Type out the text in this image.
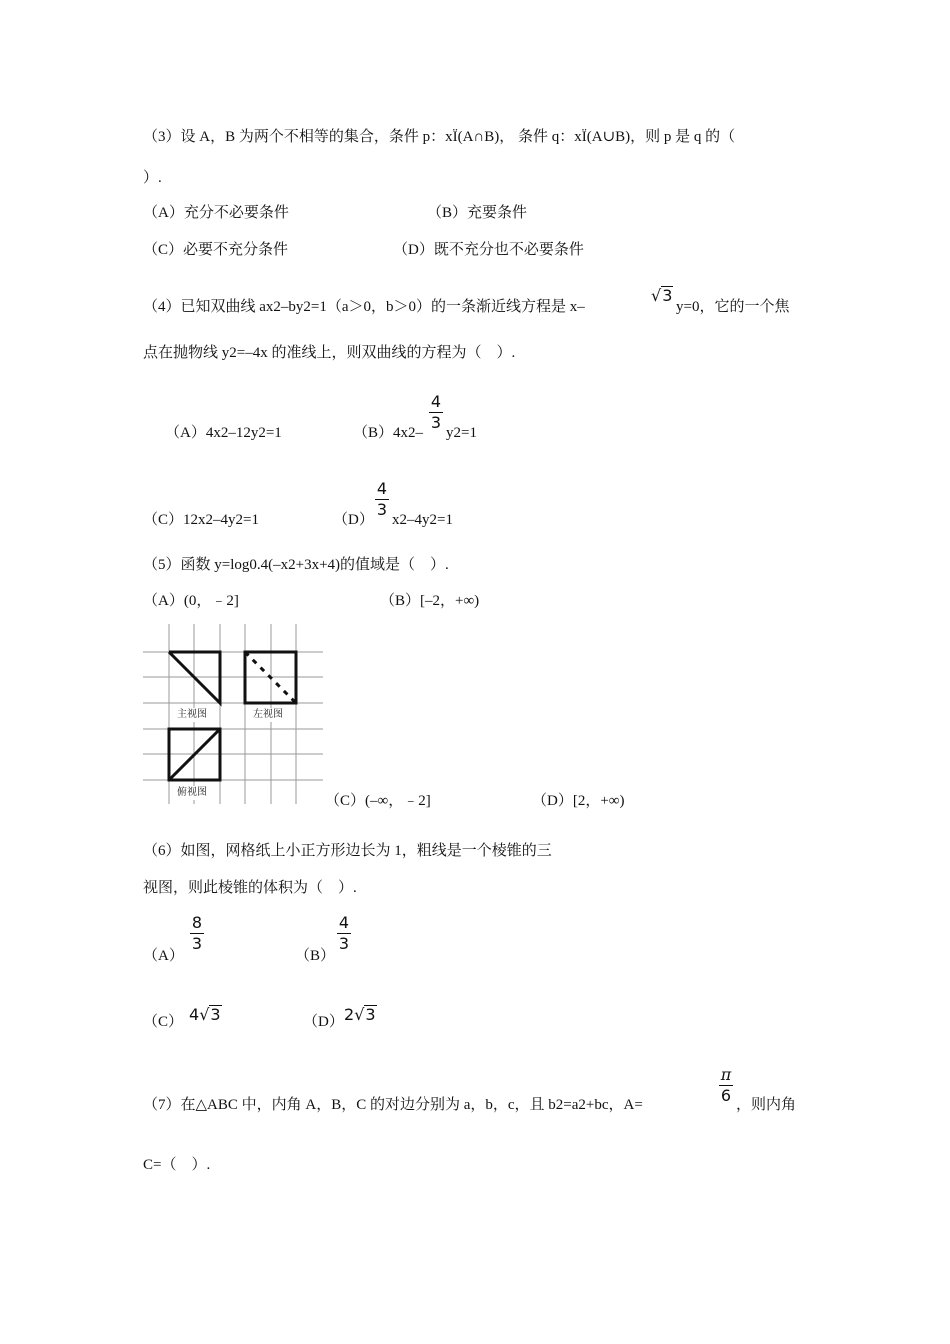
（3）设 A，B 为两个不相等的集合，条件 p：xÏ(A∩B)， 条件 q：xÏ(A∪B)，则 p 是 q 的（
）.
（A）充分不必要条件	（B）充要条件
（C）必要不充分条件	（D）既不充分也不必要条件
（4）已知双曲线 ax2–by2=1（a＞0，b＞0）的一条渐近线方程是 x–
√3
y=0，它的一个焦
点在抛物线 y2=–4x 的准线上，则双曲线的方程为（　）.
（A）4x2–12y2=1	（B）4x2–
4
3
y2=1
（C）12x2–4y2=1	（D）
4
3
x2–4y2=1
（5）函数 y=log0.4(–x2+3x+4)的值域是（　）.
（A）(0，﹣2]	（B）[–2，+∞)
主视图	左视图
俯视图
（C）(–∞，﹣2]	（D）[2，+∞)
（6）如图，网格纸上小正方形边长为 1，粗线是一个棱锥的三
视图，则此棱锥的体积为（　）.
（A）
8
3
（B）
4
3
（C） 4√3	（D） 2√3
（7）在△ABC 中，内角 A，B，C 的对边分别为 a，b，c，且 b2=a2+bc，A=
π
6 ，则内角
C=（　）.
